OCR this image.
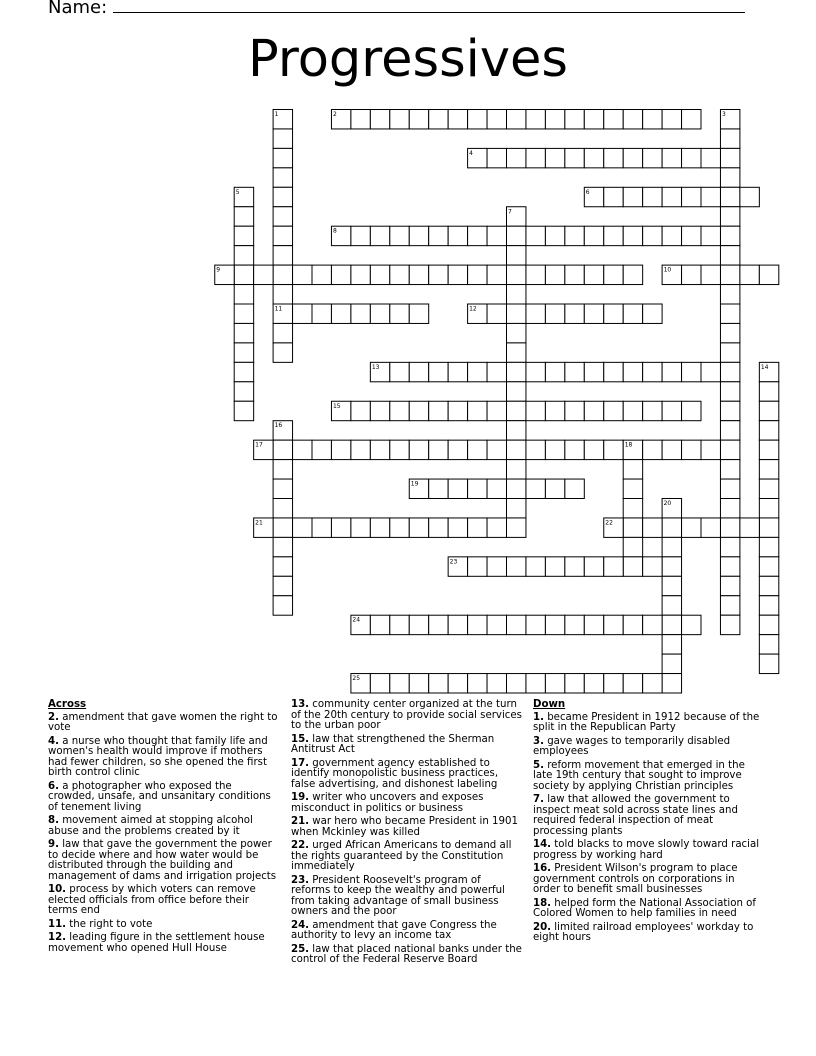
Name:
Progressives
1	2	3
4
5	6
7
8
9	10
11	12
13	14
15
16
17	18
19
20
21	22
23
24
25
Across
2. amendment that gave women the right to vote
4. a nurse who thought that family life and women's health would improve if mothers had fewer children, so she opened the first birth control clinic
6. a photographer who exposed the crowded, unsafe, and unsanitary conditions of tenement living
8. movement aimed at stopping alcohol abuse and the problems created by it
9. law that gave the government the power to decide where and how water would be distributed through the building and management of dams and irrigation projects
10. process by which voters can remove elected officials from office before their terms end
11. the right to vote
12. leading figure in the settlement house movement who opened Hull House
13. community center organized at the turn of the 20th century to provide social services to the urban poor
15. law that strengthened the Sherman Antitrust Act
17. government agency established to identify monopolistic business practices, false advertising, and dishonest labeling
19. writer who uncovers and exposes misconduct in politics or business
21. war hero who became President in 1901 when Mckinley was killed
22. urged African Americans to demand all the rights guaranteed by the Constitution immediately
23. President Roosevelt's program of reforms to keep the wealthy and powerful from taking advantage of small business owners and the poor
24. amendment that gave Congress the authority to levy an income tax
25. law that placed national banks under the control of the Federal Reserve Board
Down
1. became President in 1912 because of the split in the Republican Party
3. gave wages to temporarily disabled employees
5. reform movement that emerged in the late 19th century that sought to improve society by applying Christian principles
7. law that allowed the government to inspect meat sold across state lines and required federal inspection of meat processing plants
14. told blacks to move slowly toward racial progress by working hard
16. President Wilson's program to place government controls on corporations in order to benefit small businesses
18. helped form the National Association of Colored Women to help families in need
20. limited railroad employees' workday to eight hours
